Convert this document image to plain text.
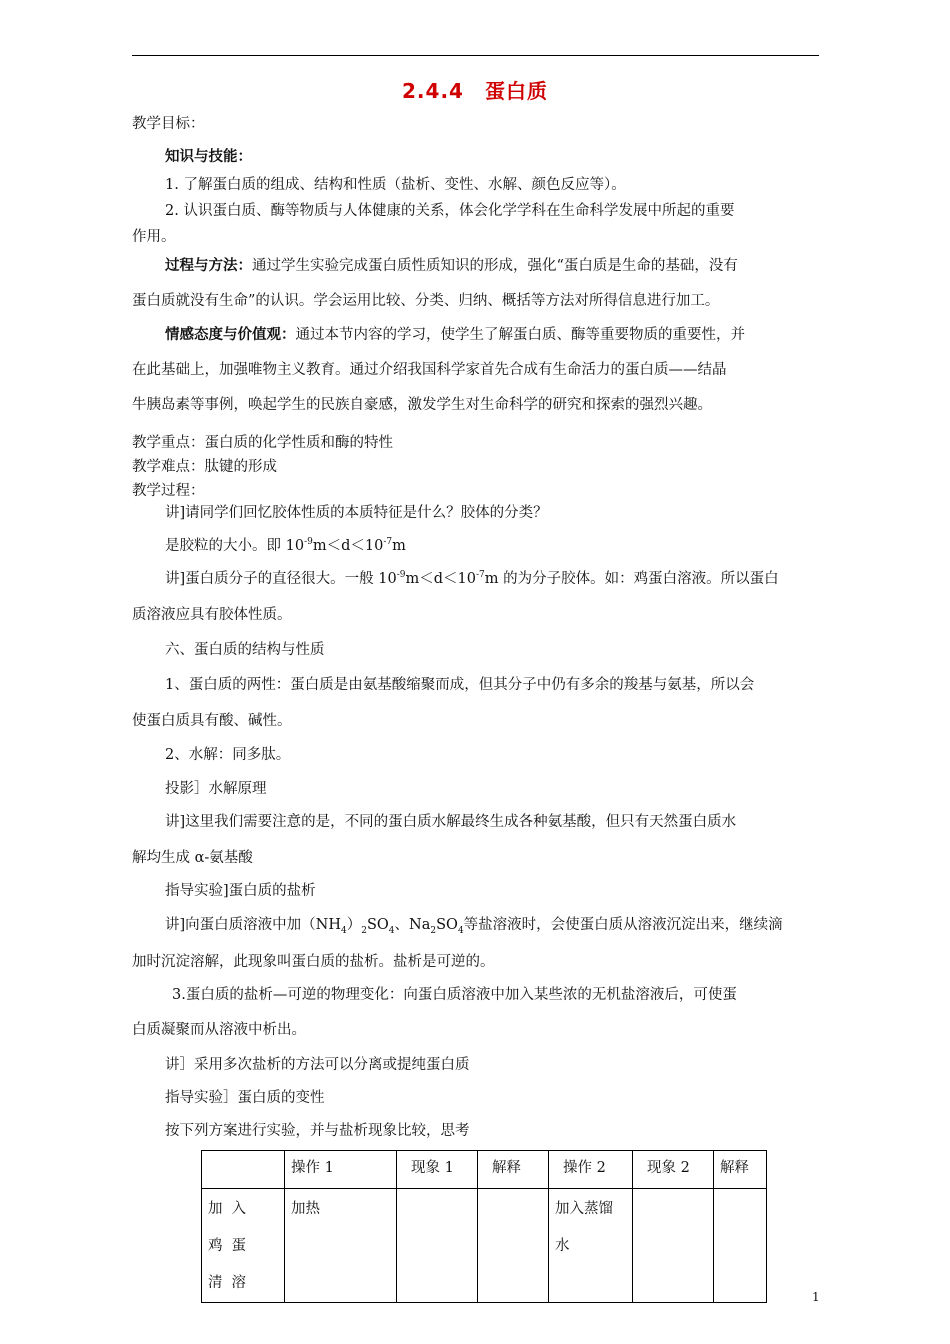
2.4.4　蛋白质
教学目标：
知识与技能：
1. 了解蛋白质的组成、结构和性质（盐析、变性、水解、颜色反应等）。
2. 认识蛋白质、酶等物质与人体健康的关系，体会化学学科在生命科学发展中所起的重要
作用。
过程与方法：通过学生实验完成蛋白质性质知识的形成，强化“蛋白质是生命的基础，没有
蛋白质就没有生命”的认识。学会运用比较、分类、归纳、概括等方法对所得信息进行加工。
情感态度与价值观：通过本节内容的学习，使学生了解蛋白质、酶等重要物质的重要性，并
在此基础上，加强唯物主义教育。通过介绍我国科学家首先合成有生命活力的蛋白质——结晶
牛胰岛素等事例，唤起学生的民族自豪感，激发学生对生命科学的研究和探索的强烈兴趣。
教学重点：蛋白质的化学性质和酶的特性
教学难点：肽键的形成
教学过程：
讲]请同学们回忆胶体性质的本质特征是什么？胶体的分类？
是胶粒的大小。即 $10^{-9}m<d<10^{-7}m$
讲]蛋白质分子的直径很大。一般 $10^{-9}m<d<10^{-7}m$ 的为分子胶体。如：鸡蛋白溶液。所以蛋白
质溶液应具有胶体性质。
六、蛋白质的结构与性质
1、蛋白质的两性：蛋白质是由氨基酸缩聚而成，但其分子中仍有多余的羧基与氨基，所以会
使蛋白质具有酸、碱性。
2、水解：同多肽。
投影］水解原理
讲]这里我们需要注意的是，不同的蛋白质水解最终生成各种氨基酸，但只有天然蛋白质水
解均生成 α-氨基酸
指导实验]蛋白质的盐析
讲]向蛋白质溶液中加$(NH_4)_2SO_4$、$Na_2SO_4$等盐溶液时，会使蛋白质从溶液沉淀出来，继续滴
加时沉淀溶解，此现象叫蛋白质的盐析。盐析是可逆的。
3.蛋白质的盐析—可逆的物理变化：向蛋白质溶液中加入某些浓的无机盐溶液后，可使蛋
白质凝聚而从溶液中析出。
讲］采用多次盐析的方法可以分离或提纯蛋白质
指导实验］蛋白质的变性
按下列方案进行实验，并与盐析现象比较，思考
	操作 1	现象 1	解释	操作 2	现象 2	解释

加入鸡蛋清溶	加热			加入蒸馏水		

1
